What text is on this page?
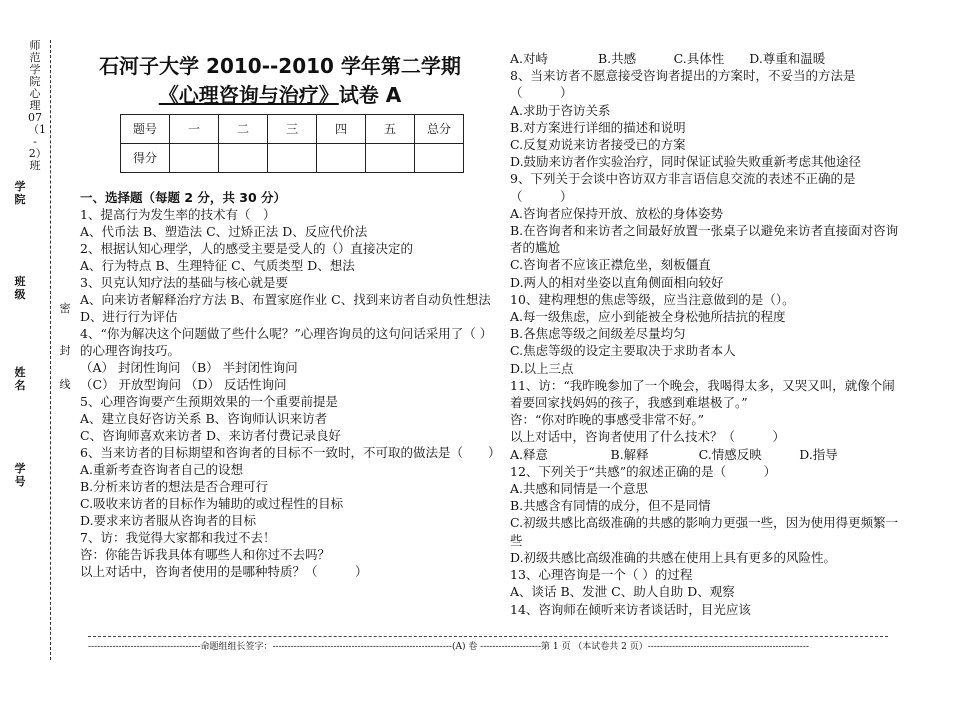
师范学院心理07（1-2）班
学院
班级
姓名
学号
密
封
线
石河子大学 2010--2010 学年第二学期
《心理咨询与治疗》试卷 A
题号	一	二	三	四	五	总分
得分						
一、选择题（每题 2 分，共 30 分）
1、提高行为发生率的技术有（　）
A、代币法 B、塑造法 C、过矫正法 D、反应代价法
2、根据认知心理学，人的感受主要是受人的（）直接决定的
A、行为特点 B、生理特征 C、气质类型 D、想法
3、贝克认知疗法的基础与核心就是要
A、向来访者解释治疗方法 B、布置家庭作业 C、找到来访者自动负性想法 D、进行行为评估
4、“你为解决这个问题做了些什么呢？”心理咨询员的这句问话采用了（ ）的心理咨询技巧。
（A） 封闭性询问 （B） 半封闭性询问
（C） 开放型询问 （D） 反话性询问
5、心理咨询要产生预期效果的一个重要前提是
A、建立良好咨访关系 B、咨询师认识来访者
C、咨询师喜欢来访者 D、来访者付费记录良好
6、当来访者的目标期望和咨询者的目标不一致时，不可取的做法是（　　）
A.重新考查咨询者自己的设想
B.分析来访者的想法是否合理可行
C.吸收来访者的目标作为辅助的或过程性的目标
D.要求来访者服从咨询者的目标
7、访：我觉得大家都和我过不去！
咨：你能告诉我具体有哪些人和你过不去吗？
以上对话中，咨询者使用的是哪种特质？（　　　）
A.对峙　　　　B.共感　　　C.具体性　　D.尊重和温暖
8、当来访者不愿意接受咨询者提出的方案时，不妥当的方法是（　　　）
A.求助于咨访关系
B.对方案进行详细的描述和说明
C.反复劝说来访者接受已的方案
D.鼓励来访者作实验治疗，同时保证试验失败重新考虑其他途径
9、下列关于会谈中咨访双方非言语信息交流的表述不正确的是（　　　）
A.咨询者应保持开放、放松的身体姿势
B.在咨询者和来访者之间最好放置一张桌子以避免来访者直接面对咨询者的尴尬
C.咨询者不应该正襟危坐，刻板僵直
D.两人的相对坐姿以直角侧面相向较好
10、建构理想的焦虑等级，应当注意做到的是（）。
A.每一级焦虑，应小到能被全身松弛所拮抗的程度
B.各焦虑等级之间级差尽量均匀
C.焦虑等级的设定主要取决于求助者本人
D.以上三点
11、访：“我昨晚参加了一个晚会，我喝得太多，又哭又叫，就像个闹着要回家找妈妈的孩子，我感到难堪极了。”
咨：“你对昨晚的事感受非常不好。”
以上对话中，咨询者使用了什么技术？（　　　）
A.释意　　　　　B.解释　　　　C.情感反映　　　D.指导
12、下列关于“共感”的叙述正确的是（　　　）
A.共感和同情是一个意思
B.共感含有同情的成分，但不是同情
C.初级共感比高级准确的共感的影响力更强一些，因为使用得更频繁一些
D.初级共感比高级准确的共感在使用上具有更多的风险性。
13、心理咨询是一个（ ）的过程
A、谈话 B、发泄 C、助人自助 D、观察
14、咨询师在倾听来访者谈话时，目光应该
-------------------------------------命题组组长签字：-----------------------------------------------------------(A) 卷 --------------------第 1 页 （本试卷共 2 页）-----------------------------------------------------
